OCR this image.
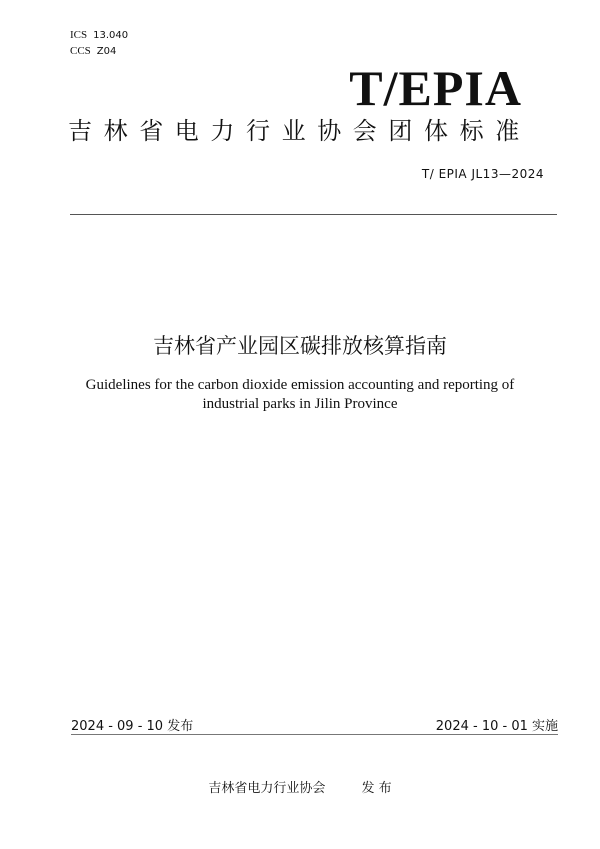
ICS 13.040
CCS Z04
T/EPIA
吉林省电力行业协会团体标准
T/ EPIA JL13—2024
吉林省产业园区碳排放核算指南
Guidelines for the carbon dioxide emission accounting and reporting of industrial parks in Jilin Province
2024 - 09 - 10 发布	2024 - 10 - 01 实施
吉林省电力行业协会	发 布
